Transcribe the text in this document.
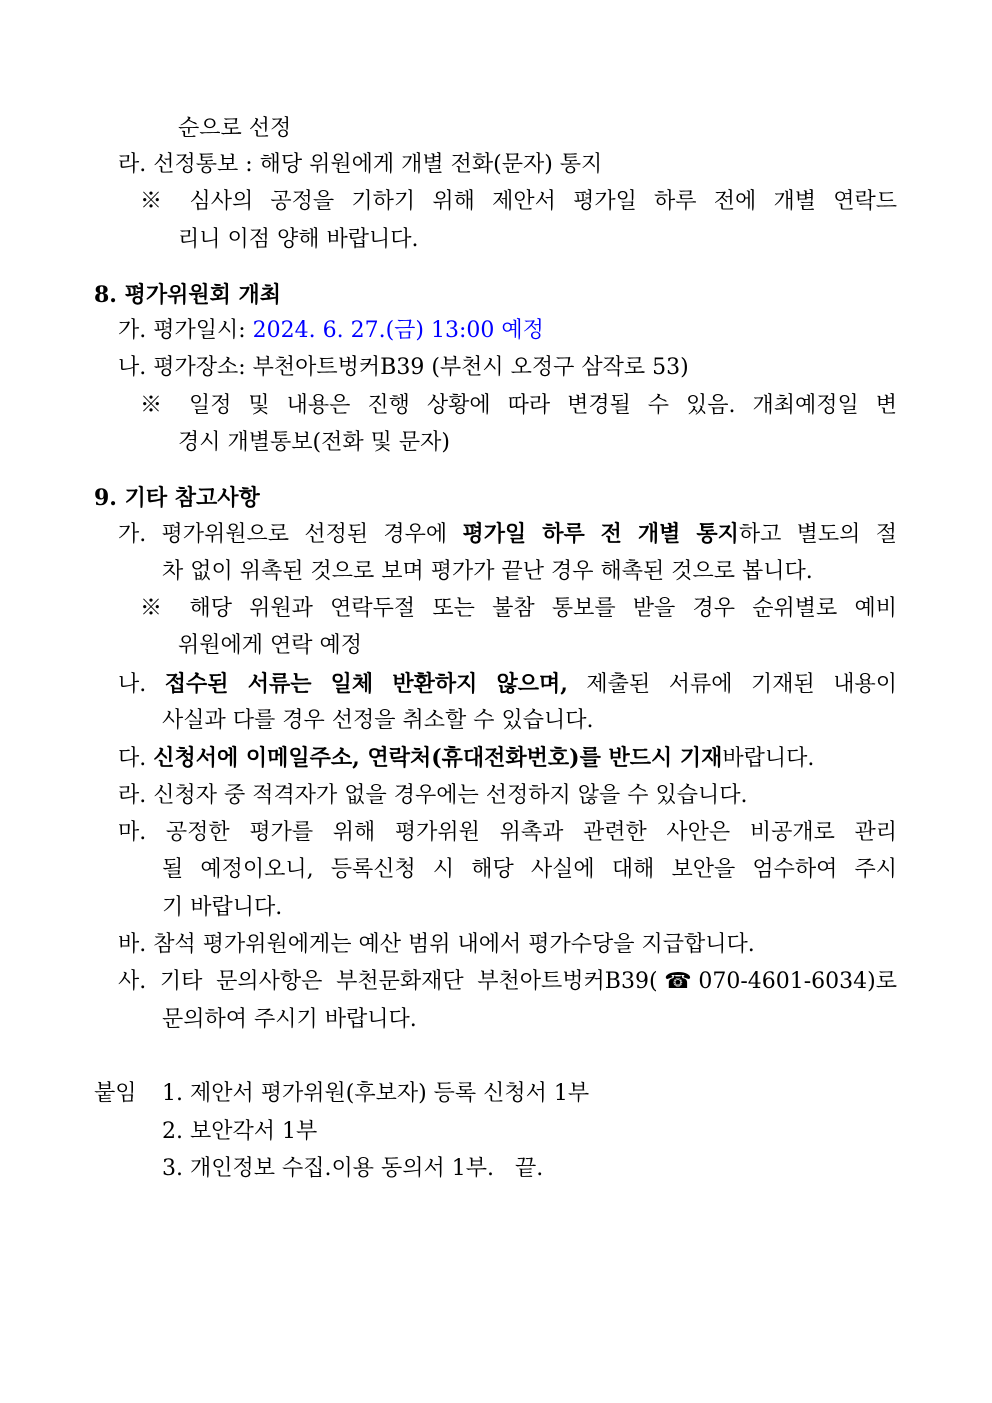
순으로 선정
라. 선정통보 : 해당 위원에게 개별 전화(문자) 통지
※ 심사의 공정을 기하기 위해 제안서 평가일 하루 전에 개별 연락드
리니 이점 양해 바랍니다.
8. 평가위원회 개최
가. 평가일시: 2024. 6. 27.(금) 13:00 예정
나. 평가장소: 부천아트벙커B39 (부천시 오정구 삼작로 53)
※ 일정 및 내용은 진행 상황에 따라 변경될 수 있음. 개최예정일 변
경시 개별통보(전화 및 문자)
9. 기타 참고사항
가. 평가위원으로 선정된 경우에 평가일 하루 전 개별 통지하고 별도의 절
차 없이 위촉된 것으로 보며 평가가 끝난 경우 해촉된 것으로 봅니다.
※ 해당 위원과 연락두절 또는 불참 통보를 받을 경우 순위별로 예비
위원에게 연락 예정
나. 접수된 서류는 일체 반환하지 않으며, 제출된 서류에 기재된 내용이
사실과 다를 경우 선정을 취소할 수 있습니다.
다. 신청서에 이메일주소, 연락처(휴대전화번호)를 반드시 기재바랍니다.
라. 신청자 중 적격자가 없을 경우에는 선정하지 않을 수 있습니다.
마. 공정한 평가를 위해 평가위원 위촉과 관련한 사안은 비공개로 관리
될 예정이오니, 등록신청 시 해당 사실에 대해 보안을 엄수하여 주시
기 바랍니다.
바. 참석 평가위원에게는 예산 범위 내에서 평가수당을 지급합니다.
사. 기타 문의사항은 부천문화재단 부천아트벙커B39(☎070-4601-6034)로
문의하여 주시기 바랍니다.
붙임 1. 제안서 평가위원(후보자) 등록 신청서 1부
2. 보안각서 1부
3. 개인정보 수집.이용 동의서 1부.   끝.
